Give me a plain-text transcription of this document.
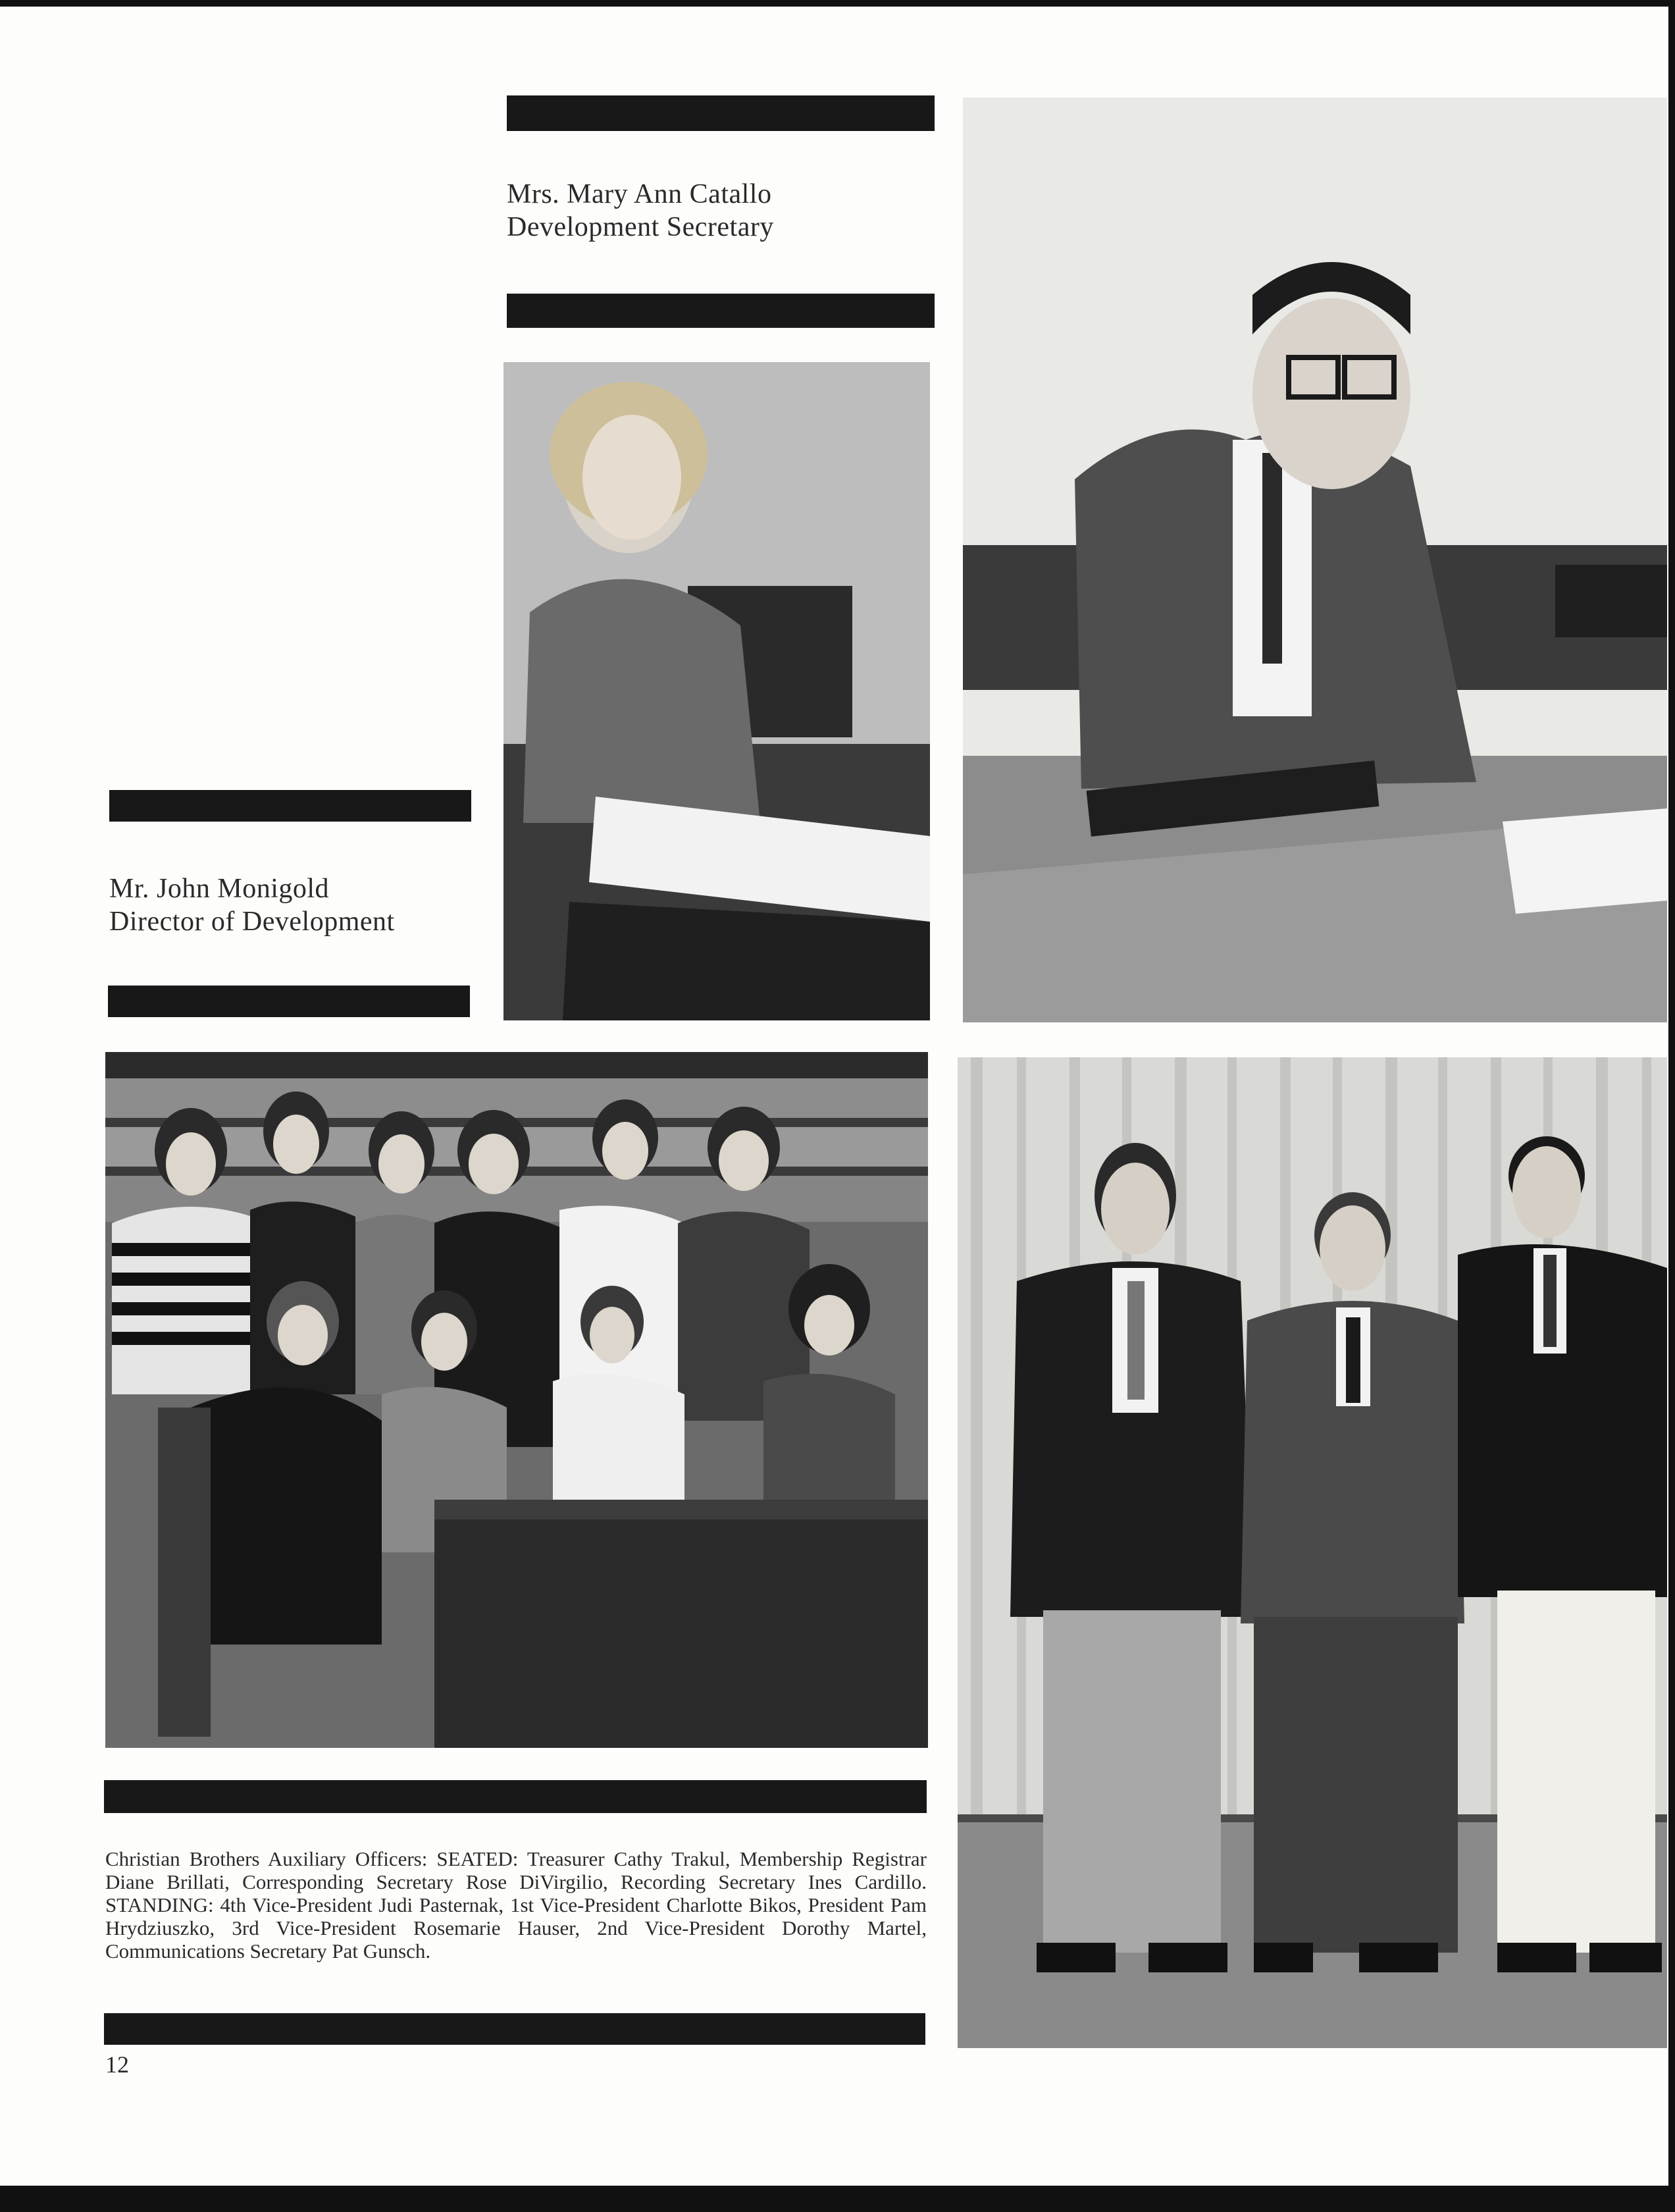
Mrs. Mary Ann Catallo
Development Secretary
Mr. John Monigold
Director of Development
Christian Brothers Auxiliary Officers: SEATED: Treasurer Cathy Trakul, Membership Registrar Diane Brillati, Corresponding Secretary Rose DiVirgilio, Recording Secretary Ines Cardillo. STANDING: 4th Vice-President Judi Pasternak, 1st Vice-President Charlotte Bikos, President Pam Hrydziuszko, 3rd Vice-President Rosemarie Hauser, 2nd Vice-President Dorothy Martel, Communications Secretary Pat Gunsch.
12
